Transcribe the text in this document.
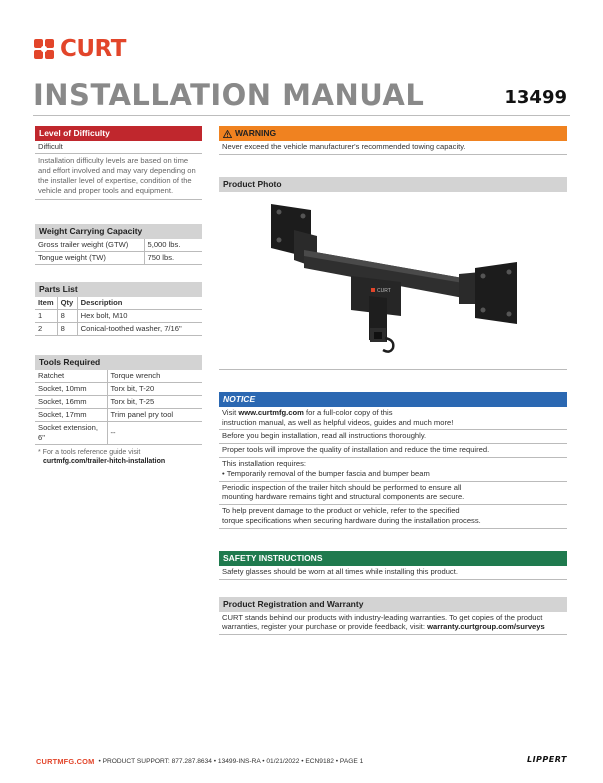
CURT
INSTALLATION MANUAL	13499
Level of Difficulty
Difficult
Installation difficulty levels are based on time
and effort involved and may vary depending on
the installer level of expertise, condition of the
vehicle and proper tools and equipment.
Weight Carrying Capacity
Gross trailer weight (GTW)	5,000 lbs.
Tongue weight (TW)	750 lbs.
Parts List
Item	Qty	Description
1	8	Hex bolt, M10
2	8	Conical-toothed washer, 7/16"
Tools Required
Ratchet	Torque wrench
Socket, 10mm	Torx bit, T-20
Socket, 16mm	Torx bit, T-25
Socket, 17mm	Trim panel pry tool
Socket extension, 6"	--
* For a tools reference guide visit
curtmfg.com/trailer-hitch-installation
WARNING
Never exceed the vehicle manufacturer's recommended towing capacity.
Product Photo
CURT
NOTICE
Visit www.curtmfg.com for a full-color copy of this
instruction manual, as well as helpful videos, guides and much more!
Before you begin installation, read all instructions thoroughly.
Proper tools will improve the quality of installation and reduce the time required.
This installation requires:
• Temporarily removal of the bumper fascia and bumper beam
Periodic inspection of the trailer hitch should be performed to ensure all
mounting hardware remains tight and structural components are secure.
To help prevent damage to the product or vehicle, refer to the specified
torque specifications when securing hardware during the installation process.
SAFETY INSTRUCTIONS
Safety glasses should be worn at all times while installing this product.
Product Registration and Warranty
CURT stands behind our products with industry-leading warranties. To get copies of the product
warranties, register your purchase or provide feedback, visit: warranty.curtgroup.com/surveys
CURTMFG.COM • PRODUCT SUPPORT: 877.287.8634 • 13499-INS-RA • 01/21/2022 • ECN9182 • PAGE 1	LIPPERT
